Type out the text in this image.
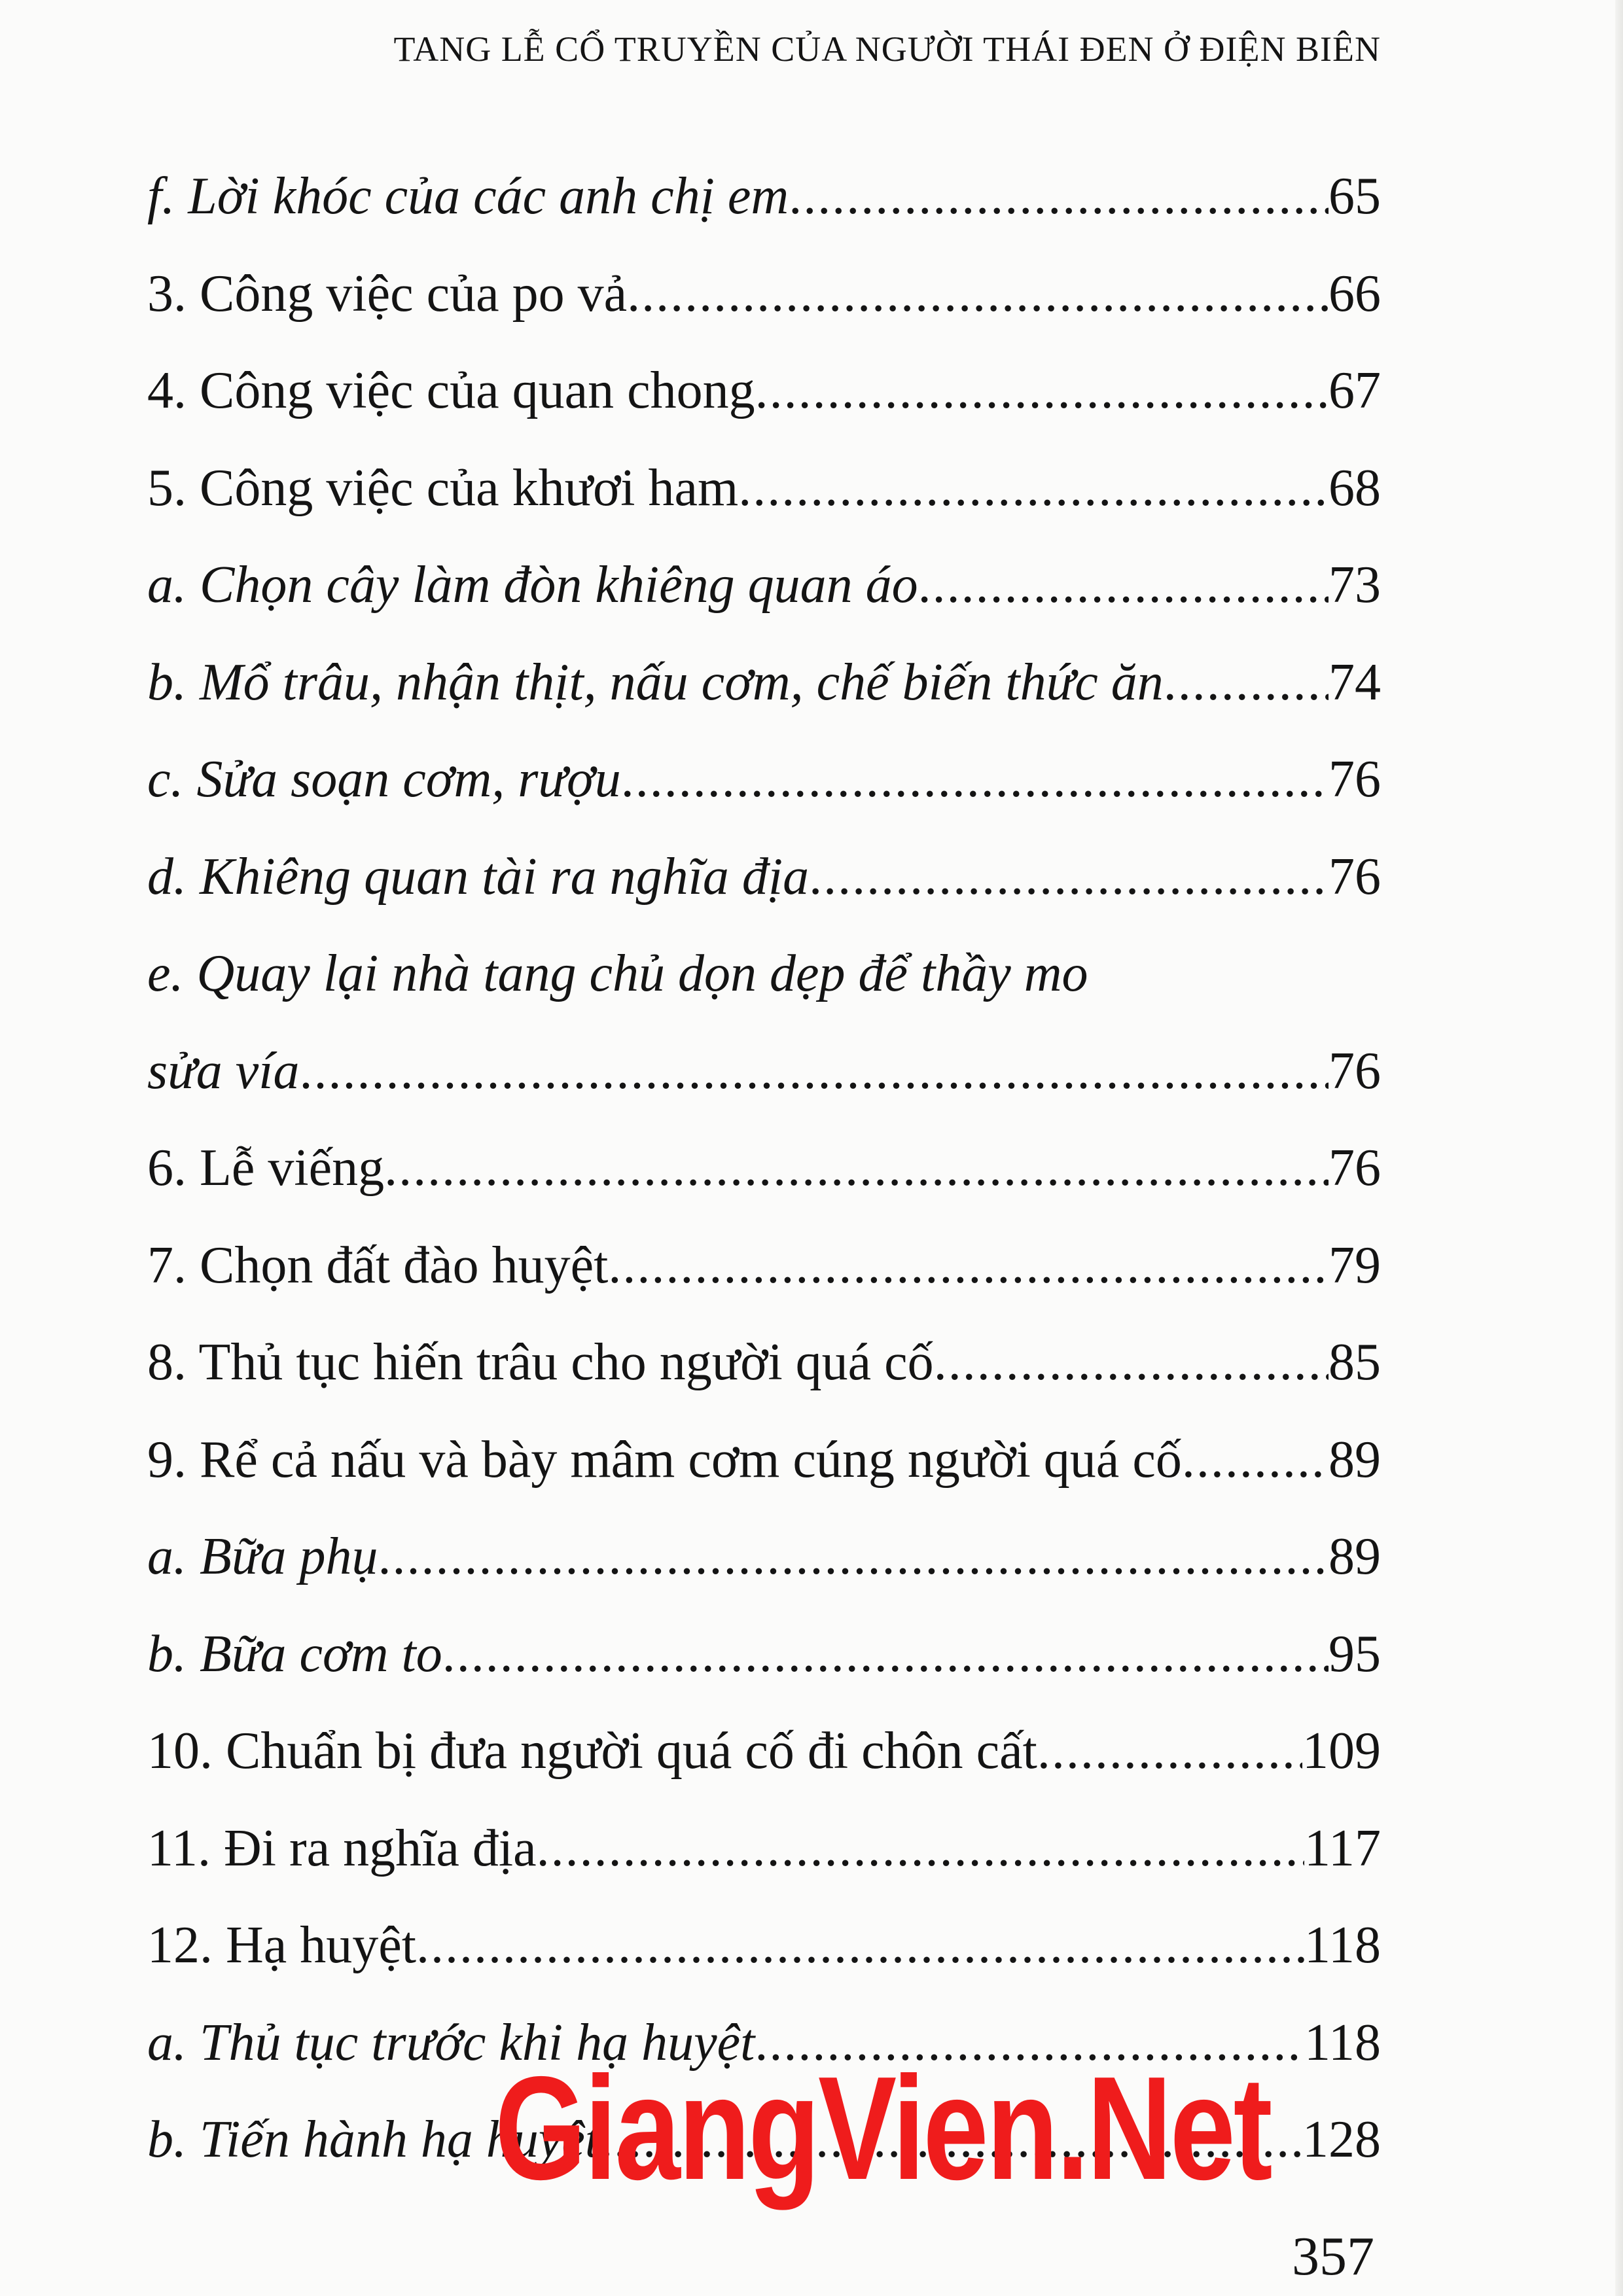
TANG LỄ CỔ TRUYỀN CỦA NGƯỜI THÁI ĐEN Ở ĐIỆN BIÊN
f. Lời khóc của các anh chị em .....	65
3. Công việc của po vả .....	66
4. Công việc của quan chong .....	67
5. Công việc của khươi ham .....	68
a. Chọn cây làm đòn khiêng quan áo .....	73
b. Mổ trâu, nhận thịt, nấu cơm, chế biến thức ăn .....	74
c. Sửa soạn cơm, rượu .....	76
d. Khiêng quan tài ra nghĩa địa .....	76
e. Quay lại nhà tang chủ dọn dẹp để thầy mo
sửa vía .....	76
6. Lễ viếng .....	76
7. Chọn đất đào huyệt .....	79
8. Thủ tục hiến trâu cho người quá cố .....	85
9. Rể cả nấu và bày mâm cơm cúng người quá cố .....	89
a. Bữa phụ .....	89
b. Bữa cơm to .....	95
10. Chuẩn bị đưa người quá cố đi chôn cất .....	109
11. Đi ra nghĩa địa .....	117
12. Hạ huyệt .....	118
a. Thủ tục trước khi hạ huyệt .....	118
b. Tiến hành hạ huyệt .....	128
GiangVien.Net
357
